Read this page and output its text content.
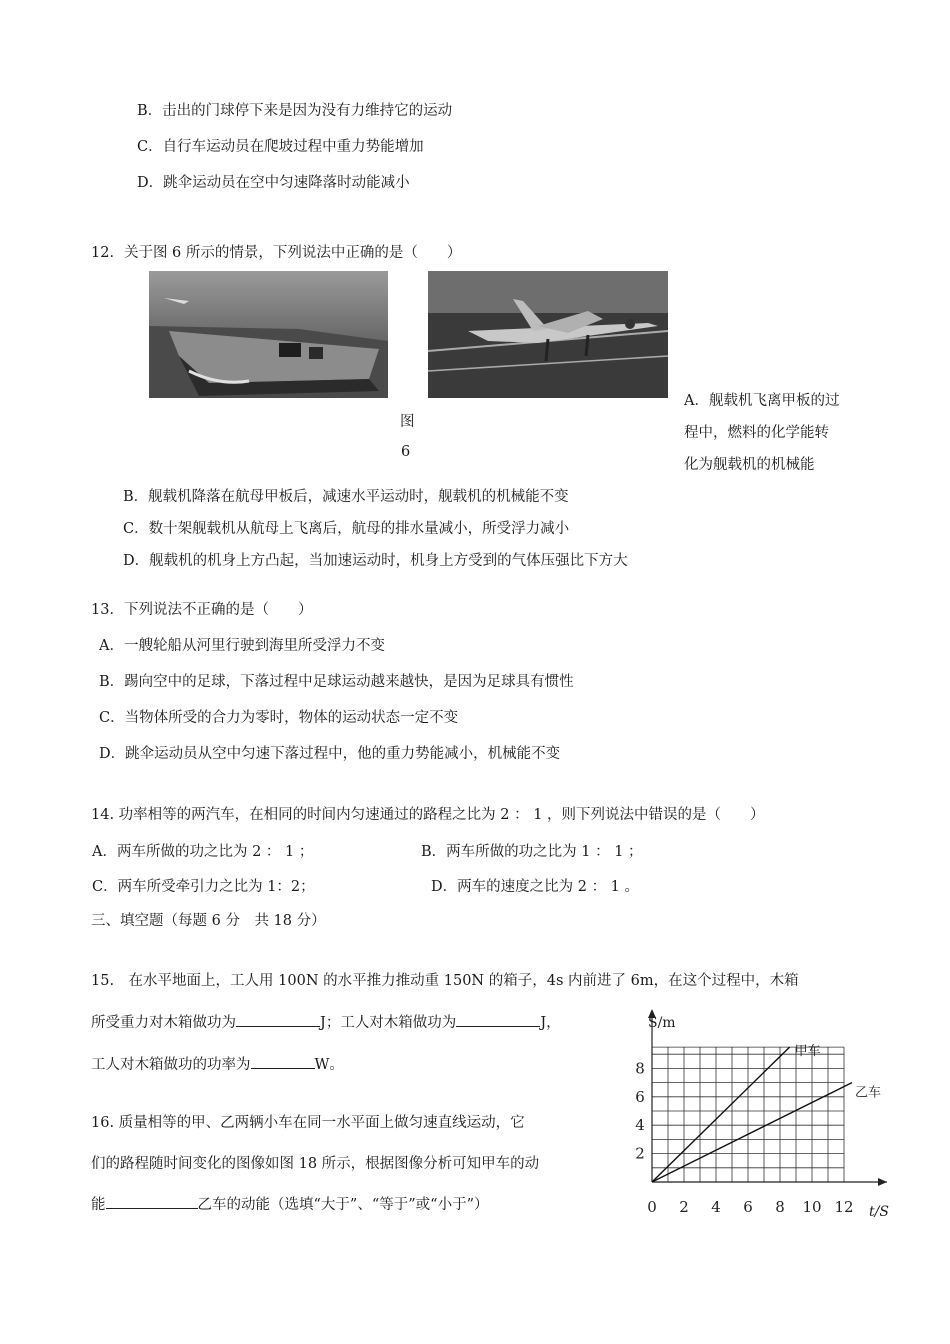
B．击出的门球停下来是因为没有力维持它的运动
C．自行车运动员在爬坡过程中重力势能增加
D．跳伞运动员在空中匀速降落时动能减小
12．关于图 6 所示的情景，下列说法中正确的是（　　）
图
6
A．舰载机飞离甲板的过
程中，燃料的化学能转
化为舰载机的机械能
B．舰载机降落在航母甲板后，减速水平运动时，舰载机的机械能不变
C．数十架舰载机从航母上飞离后，航母的排水量减小，所受浮力减小
D．舰载机的机身上方凸起，当加速运动时，机身上方受到的气体压强比下方大
13．下列说法不正确的是（　　）
A．一艘轮船从河里行驶到海里所受浮力不变
B．踢向空中的足球，下落过程中足球运动越来越快，是因为足球具有惯性
C．当物体所受的合力为零时，物体的运动状态一定不变
D．跳伞运动员从空中匀速下落过程中，他的重力势能减小，机械能不变
14. 功率相等的两汽车，在相同的时间内匀速通过的路程之比为 2 ： 1 ，则下列说法中错误的是（　　）
A．两车所做的功之比为 2 ： 1 ；	B．两车所做的功之比为 1 ： 1 ；
C．两车所受牵引力之比为 1：2；	D．两车的速度之比为 2 ： 1 。
三、填空题（每题 6 分　共 18 分）
15.　在水平地面上，工人用 100N 的水平推力推动重 150N 的箱子，4s 内前进了 6m，在这个过程中，木箱
所受重力对木箱做功为	J；工人对木箱做功为	J，
工人对木箱做功的功率为	W。
16. 质量相等的甲、乙两辆小车在同一水平面上做匀速直线运动，它
们的路程随时间变化的图像如图 18 所示，根据图像分析可知甲车的动
能	乙车的动能（选填“大于”、“等于”或“小于”）	0 2 4 6 8 10 12
2
4
6
8
t/S
S/m
甲车
乙车
